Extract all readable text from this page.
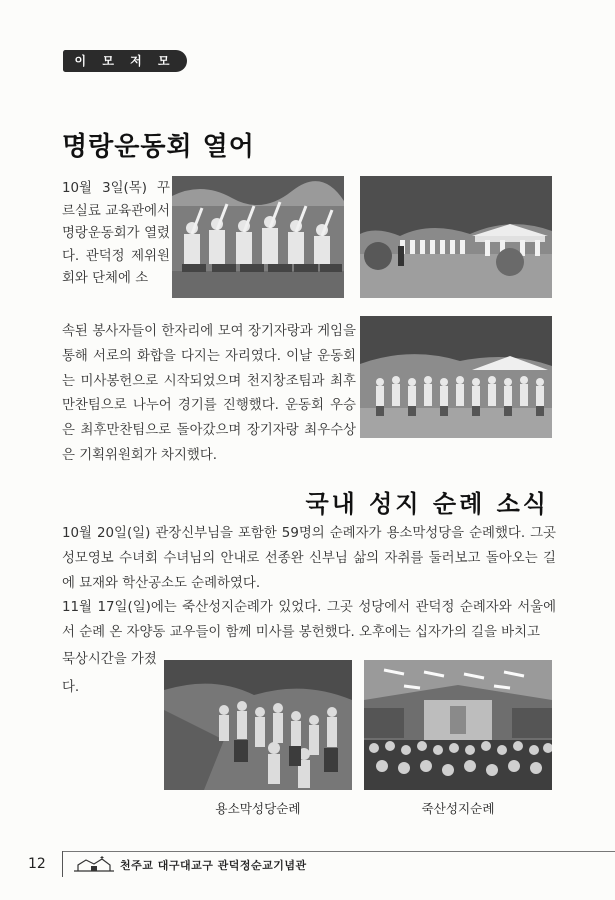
이 모 저 모
명랑운동회 열어
10월 3일(목) 꾸르실료 교육관에서 명랑운동회가 열렸다. 관덕정 제위원회와 단체에 소
속된 봉사자들이 한자리에 모여 장기자랑과 게임을 통해 서로의 화합을 다지는 자리였다. 이날 운동회는 미사봉헌으로 시작되었으며 천지창조팀과 최후만찬팀으로 나누어 경기를 진행했다. 운동회 우승은 최후만찬팀으로 돌아갔으며 장기자랑 최우수상은 기획위원회가 차지했다.
국내 성지 순례 소식

10월 20일(일) 관장신부님을 포함한 59명의 순례자가 용소막성당을 순례했다. 그곳 성모영보 수녀회 수녀님의 안내로 선종완 신부님 삶의 자취를 둘러보고 돌아오는 길에 묘재와 학산공소도 순례하였다.

11월 17일(일)에는 죽산성지순례가 있었다. 그곳 성당에서 관덕정 순례자와 서울에서 순례 온 자양동 교우들이 함께 미사를 봉헌했다. 오후에는 십자가의 길을 바치고

묵상시간을 가졌다.
용소막성당순례	죽산성지순례
12	천주교 대구대교구 관덕정순교기념관
